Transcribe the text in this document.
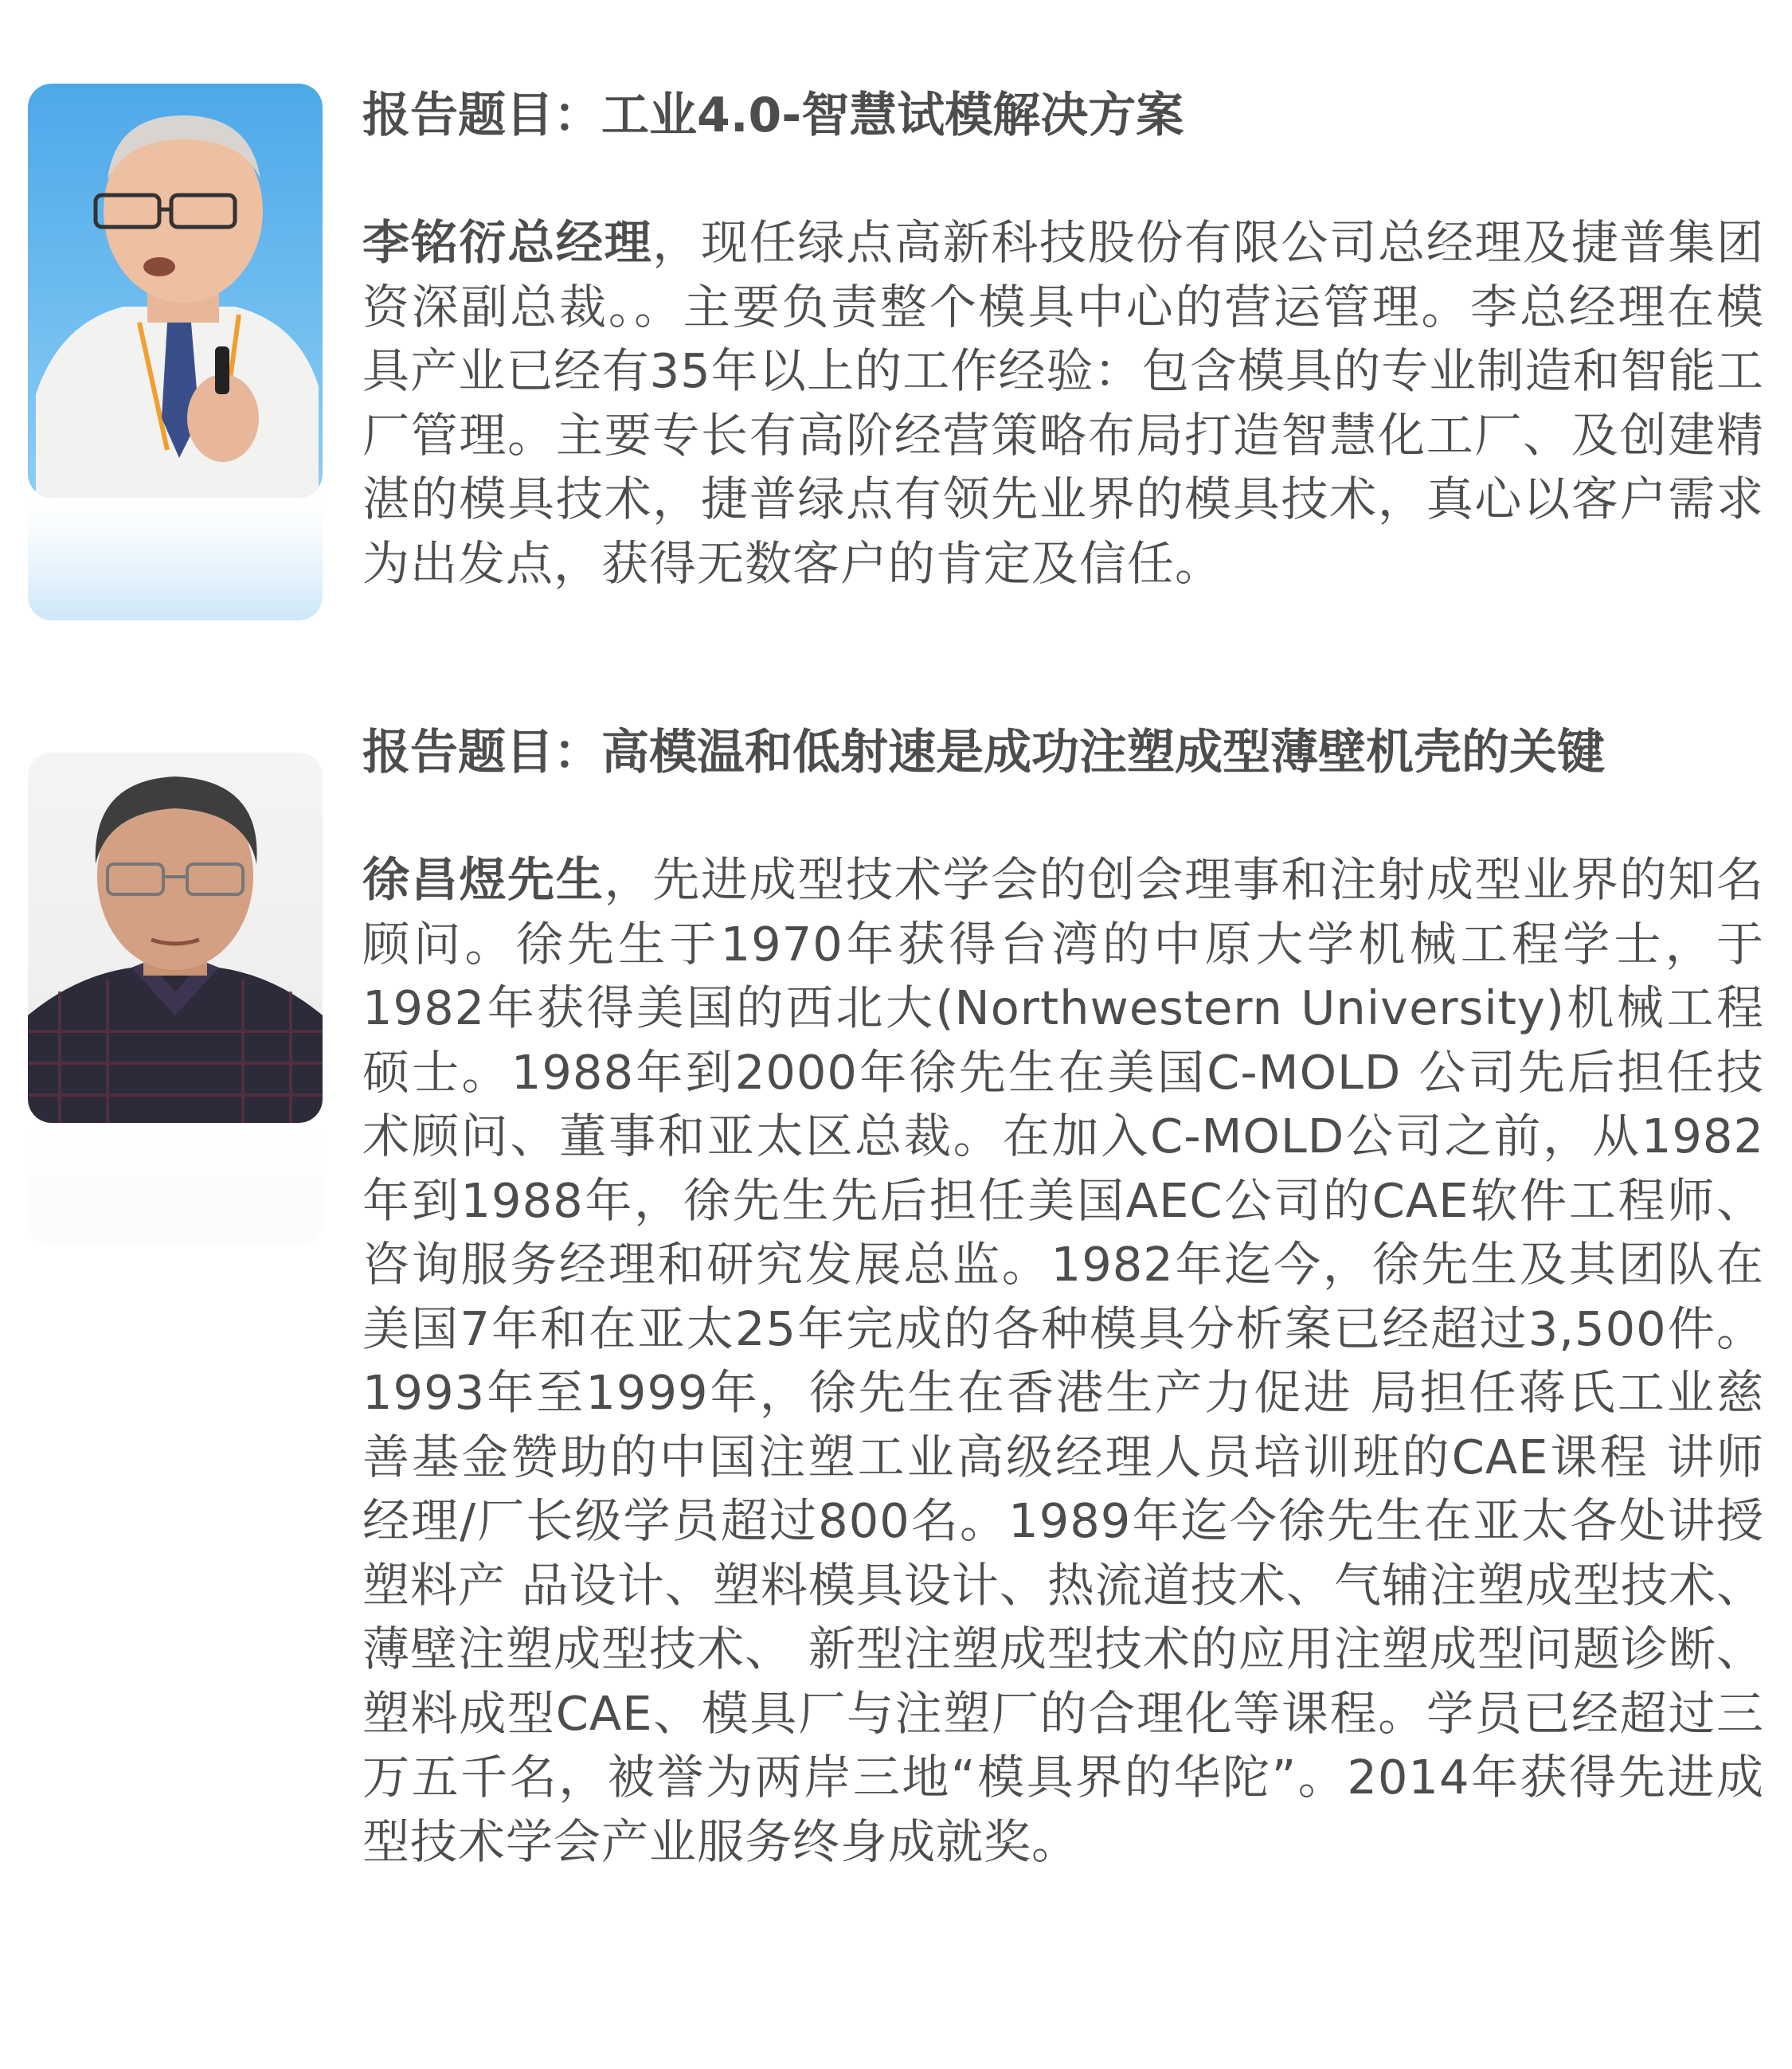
报告题目：工业4.0-智慧试模解决方案

李铭衍总经理，现任绿点高新科技股份有限公司总经理及捷普集团资深副总裁。。主要负责整个模具中心的营运管理。李总经理在模具产业已经有35年以上的工作经验：包含模具的专业制造和智能工厂管理。主要专长有高阶经营策略布局打造智慧化工厂、及创建精湛的模具技术，捷普绿点有领先业界的模具技术，真心以客户需求为出发点，获得无数客户的肯定及信任。

报告题目：高模温和低射速是成功注塑成型薄壁机壳的关键

徐昌煜先生，先进成型技术学会的创会理事和注射成型业界的知名顾问。徐先生于1970年获得台湾的中原大学机械工程学士，于1982年获得美国的西北大(Northwestern University)机械工程硕士。1988年到2000年徐先生在美国C-MOLD 公司先后担任技术顾问、董事和亚太区总裁。在加入C-MOLD公司之前，从1982 年到1988年，徐先生先后担任美国AEC公司的CAE软件工程师、咨询服务经理和研究发展总监。1982年迄今，徐先生及其团队在美国7年和在亚太25年完成的各种模具分析案已经超过3,500件。1993年至1999年，徐先生在香港生产力促进 局担任蒋氏工业慈善基金赞助的中国注塑工业高级经理人员培训班的CAE课程 讲师经理/厂长级学员超过800名。1989年迄今徐先生在亚太各处讲授塑料产 品设计、塑料模具设计、热流道技术、气辅注塑成型技术、薄壁注塑成型技术、 新型注塑成型技术的应用注塑成型问题诊断、塑料成型CAE、模具厂与注塑厂的合理化等课程。学员已经超过三万五千名，被誉为两岸三地“模具界的华陀”。2014年获得先进成型技术学会产业服务终身成就奖。
